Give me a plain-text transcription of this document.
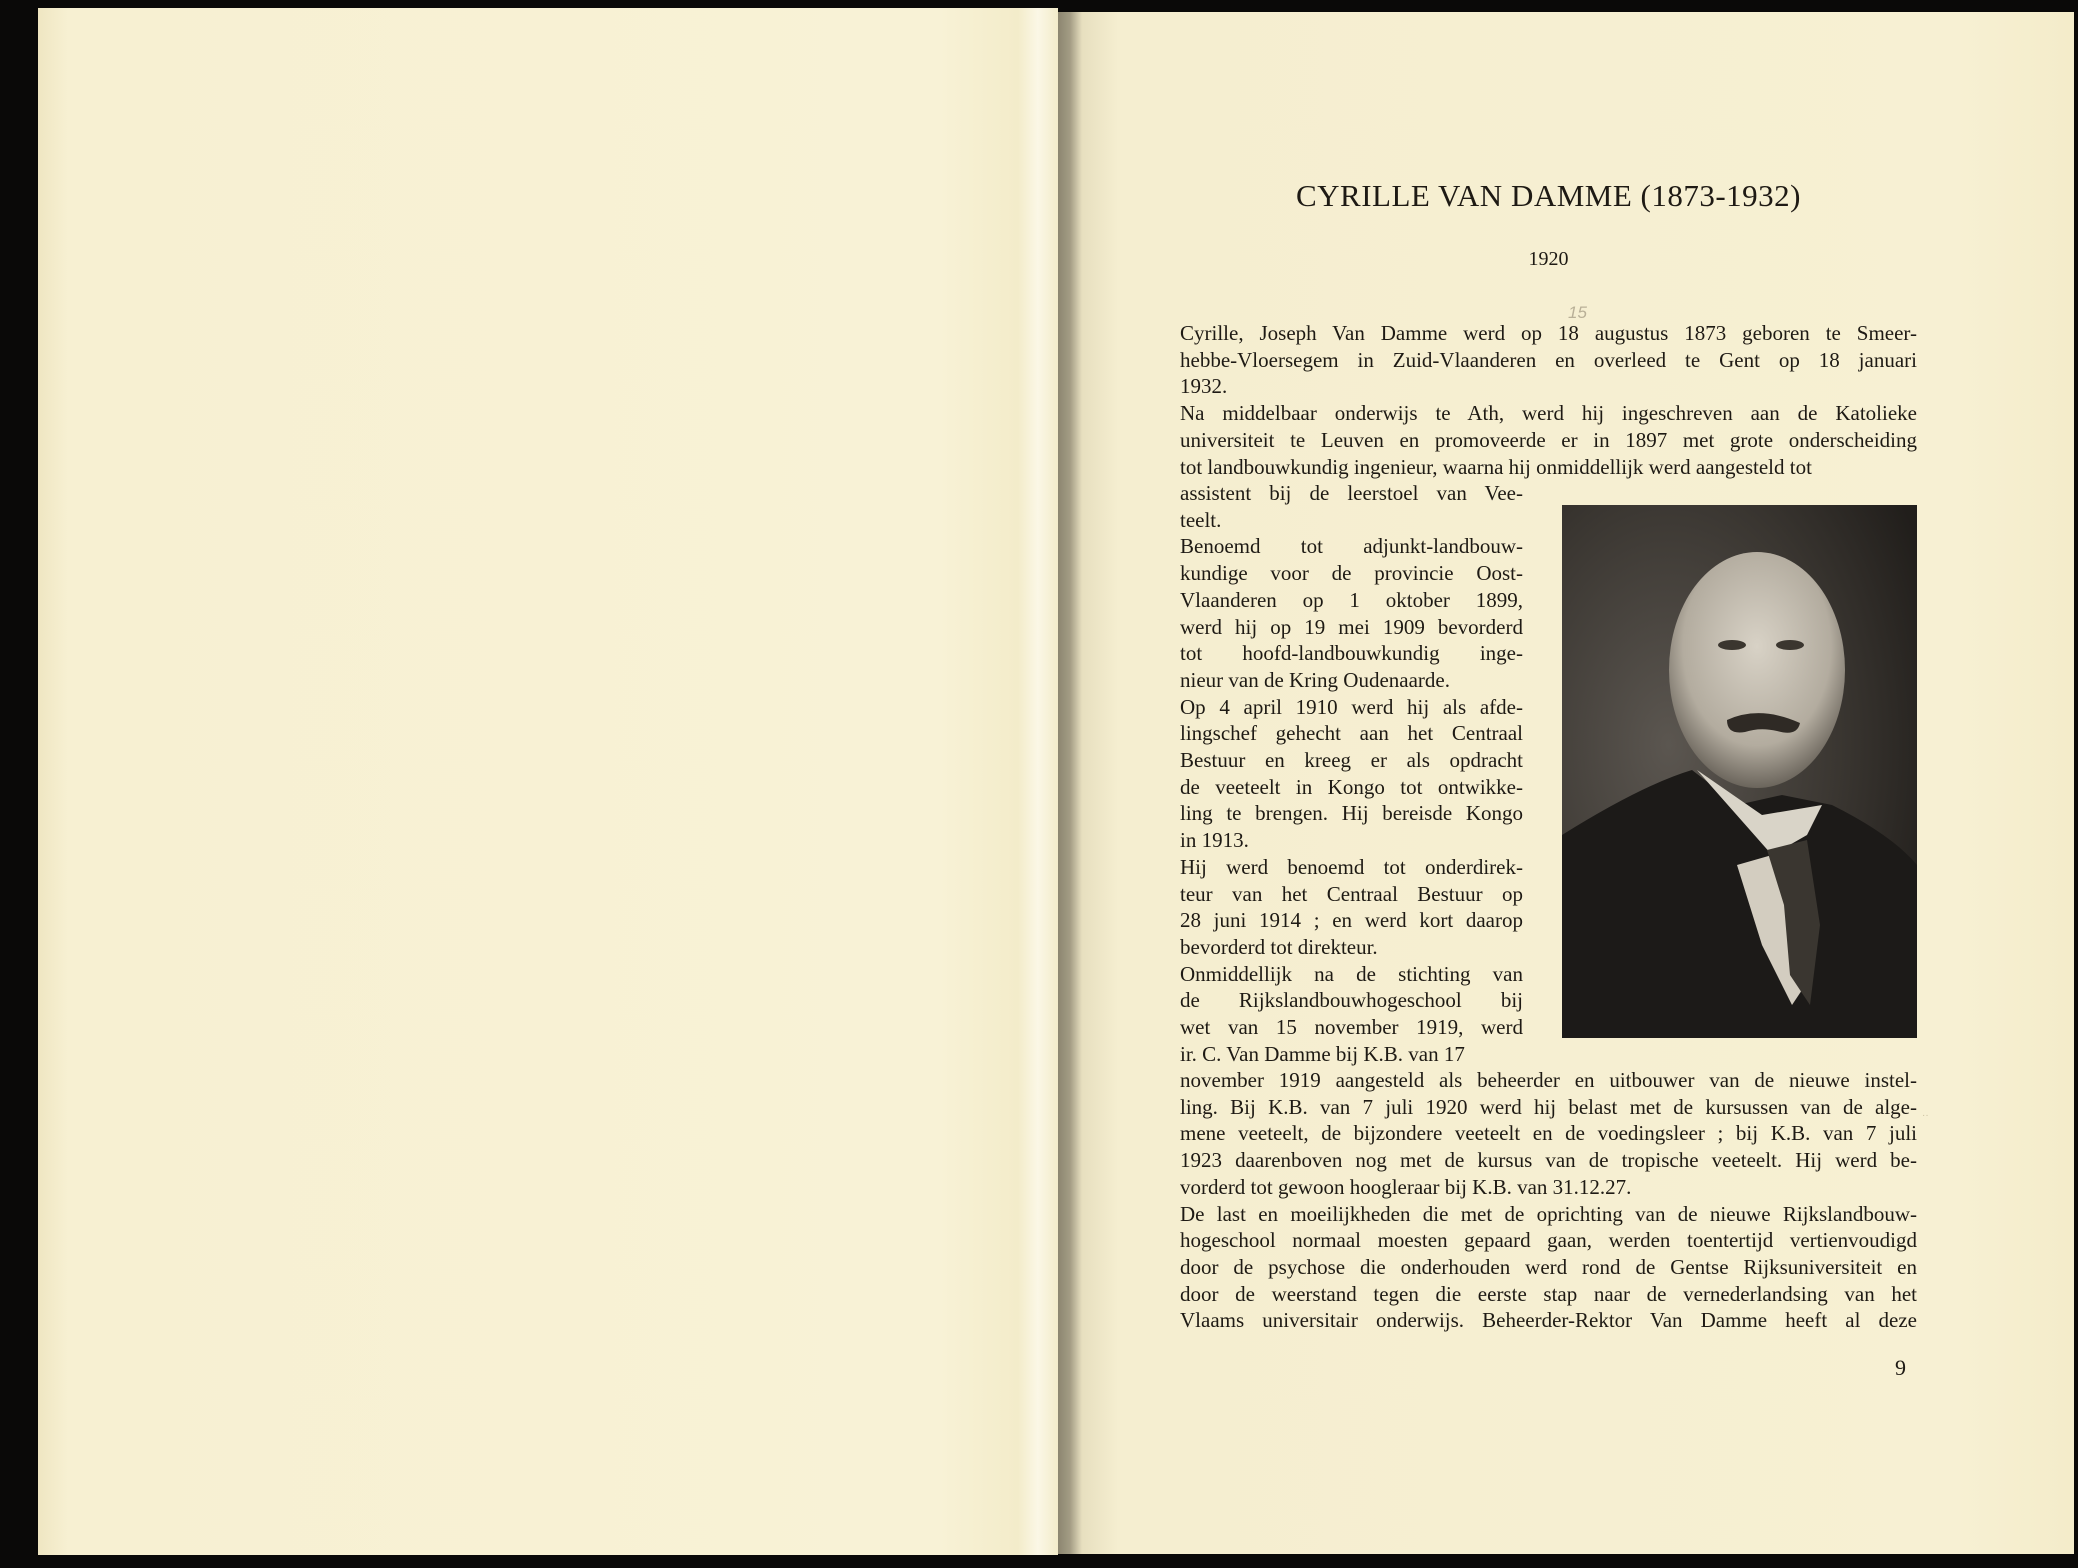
CYRILLE VAN DAMME (1873-1932)
1920
15
Cyrille, Joseph Van Damme werd op 18 augustus 1873 geboren te Smeer-
hebbe-Vloersegem in Zuid-Vlaanderen en overleed te Gent op 18 januari
1932.
Na middelbaar onderwijs te Ath, werd hij ingeschreven aan de Katolieke
universiteit te Leuven en promoveerde er in 1897 met grote onderscheiding
tot landbouwkundig ingenieur, waarna hij onmiddellijk werd aangesteld tot
assistent bij de leerstoel van Vee-
teelt.
Benoemd tot adjunkt-landbouw-
kundige voor de provincie Oost-
Vlaanderen op 1 oktober 1899,
werd hij op 19 mei 1909 bevorderd
tot hoofd-landbouwkundig inge-
nieur van de Kring Oudenaarde.
Op 4 april 1910 werd hij als afde-
lingschef gehecht aan het Centraal
Bestuur en kreeg er als opdracht
de veeteelt in Kongo tot ontwikke-
ling te brengen. Hij bereisde Kongo
in 1913.
Hij werd benoemd tot onderdirek-
teur van het Centraal Bestuur op
28 juni 1914 ; en werd kort daarop
bevorderd tot direkteur.
Onmiddellijk na de stichting van
de Rijkslandbouwhogeschool bij
wet van 15 november 1919, werd
ir. C. Van Damme bij K.B. van 17
november 1919 aangesteld als beheerder en uitbouwer van de nieuwe instel-
ling. Bij K.B. van 7 juli 1920 werd hij belast met de kursussen van de alge-
mene veeteelt, de bijzondere veeteelt en de voedingsleer ; bij K.B. van 7 juli
1923 daarenboven nog met de kursus van de tropische veeteelt. Hij werd be-
vorderd tot gewoon hoogleraar bij K.B. van 31.12.27.
De last en moeilijkheden die met de oprichting van de nieuwe Rijkslandbouw-
hogeschool normaal moesten gepaard gaan, werden toentertijd vertienvoudigd
door de psychose die onderhouden werd rond de Gentse Rijksuniversiteit en
door de weerstand tegen die eerste stap naar de vernederlandsing van het
Vlaams universitair onderwijs. Beheerder-Rektor Van Damme heeft al deze
··
9
